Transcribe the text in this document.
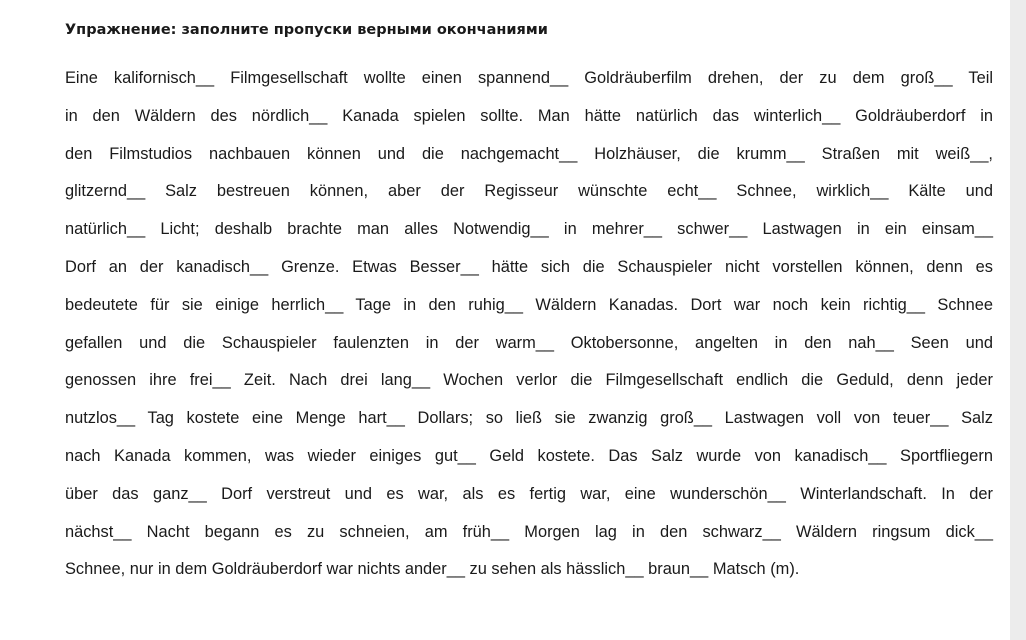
Упражнение: заполните пропуски верными окончаниями
Eine kalifornisch__ Filmgesellschaft wollte einen spannend__ Goldräuberfilm drehen, der zu dem groß__ Teil
in den Wäldern des nördlich__ Kanada spielen sollte. Man hätte natürlich das winterlich__ Goldräuberdorf in
den Filmstudios nachbauen können und die nachgemacht__ Holzhäuser, die krumm__ Straßen mit weiß__,
glitzernd__ Salz bestreuen können, aber der Regisseur wünschte echt__ Schnee, wirklich__ Kälte und
natürlich__ Licht; deshalb brachte man alles Notwendig__ in mehrer__ schwer__ Lastwagen in ein einsam__
Dorf an der kanadisch__ Grenze. Etwas Besser__ hätte sich die Schauspieler nicht vorstellen können, denn es
bedeutete für sie einige herrlich__ Tage in den ruhig__ Wäldern Kanadas. Dort war noch kein richtig__ Schnee
gefallen und die Schauspieler faulenzten in der warm__ Oktobersonne, angelten in den nah__ Seen und
genossen ihre frei__ Zeit. Nach drei lang__ Wochen verlor die Filmgesellschaft endlich die Geduld, denn jeder
nutzlos__ Tag kostete eine Menge hart__ Dollars; so ließ sie zwanzig groß__ Lastwagen voll von teuer__ Salz
nach Kanada kommen, was wieder einiges gut__ Geld kostete. Das Salz wurde von kanadisch__ Sportfliegern
über das ganz__ Dorf verstreut und es war, als es fertig war, eine wunderschön__ Winterlandschaft. In der
nächst__ Nacht begann es zu schneien, am früh__ Morgen lag in den schwarz__ Wäldern ringsum dick__
Schnee, nur in dem Goldräuberdorf war nichts ander__ zu sehen als hässlich__ braun__ Matsch (m).
